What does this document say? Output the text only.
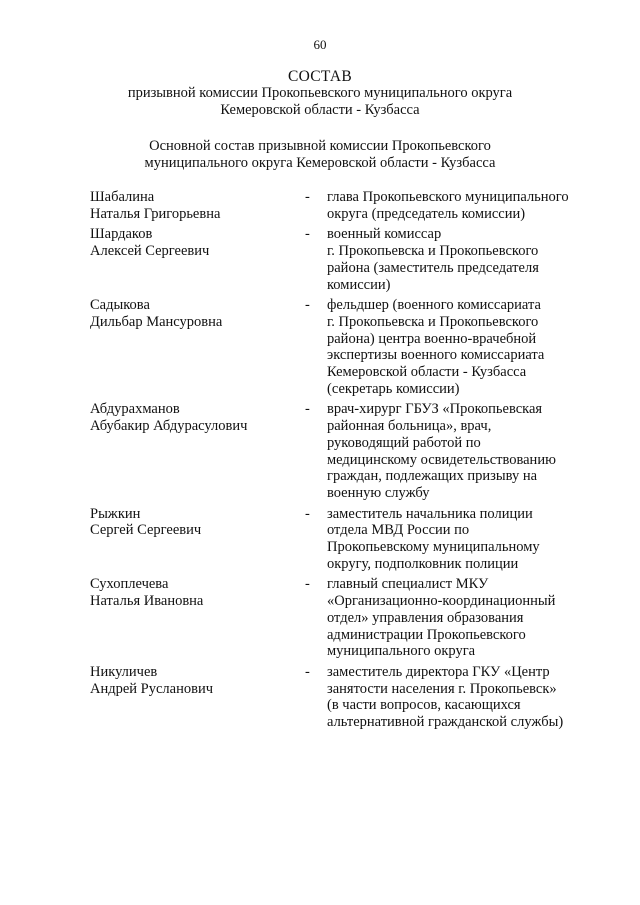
60
СОСТАВ
призывной комиссии Прокопьевского муниципального округа
Кемеровской области - Кузбасса
Основной состав призывной комиссии Прокопьевского
муниципального округа Кемеровской области - Кузбасса
Шабалина
Наталья Григорьевна
-	глава Прокопьевского муниципального
округа (председатель комиссии)
Шардаков
Алексей Сергеевич
-	военный комиссар
г. Прокопьевска и Прокопьевского
района (заместитель председателя
комиссии)
Садыкова
Дильбар Мансуровна
-	фельдшер (военного комиссариата
г. Прокопьевска и Прокопьевского
района) центра военно-врачебной
экспертизы военного комиссариата
Кемеровской области - Кузбасса
(секретарь комиссии)
Абдурахманов
Абубакир Абдурасулович
-	врач-хирург ГБУЗ «Прокопьевская
районная больница», врач,
руководящий работой по
медицинскому освидетельствованию
граждан, подлежащих призыву на
военную службу
Рыжкин
Сергей Сергеевич
-	заместитель начальника полиции
отдела МВД России по
Прокопьевскому муниципальному
округу, подполковник полиции
Сухоплечева
Наталья Ивановна
-	главный специалист МКУ
«Организационно-координационный
отдел» управления образования
администрации Прокопьевского
муниципального округа
Никуличев
Андрей Русланович
-	заместитель директора ГКУ «Центр
занятости населения г. Прокопьевск»
(в части вопросов, касающихся
альтернативной гражданской службы)
